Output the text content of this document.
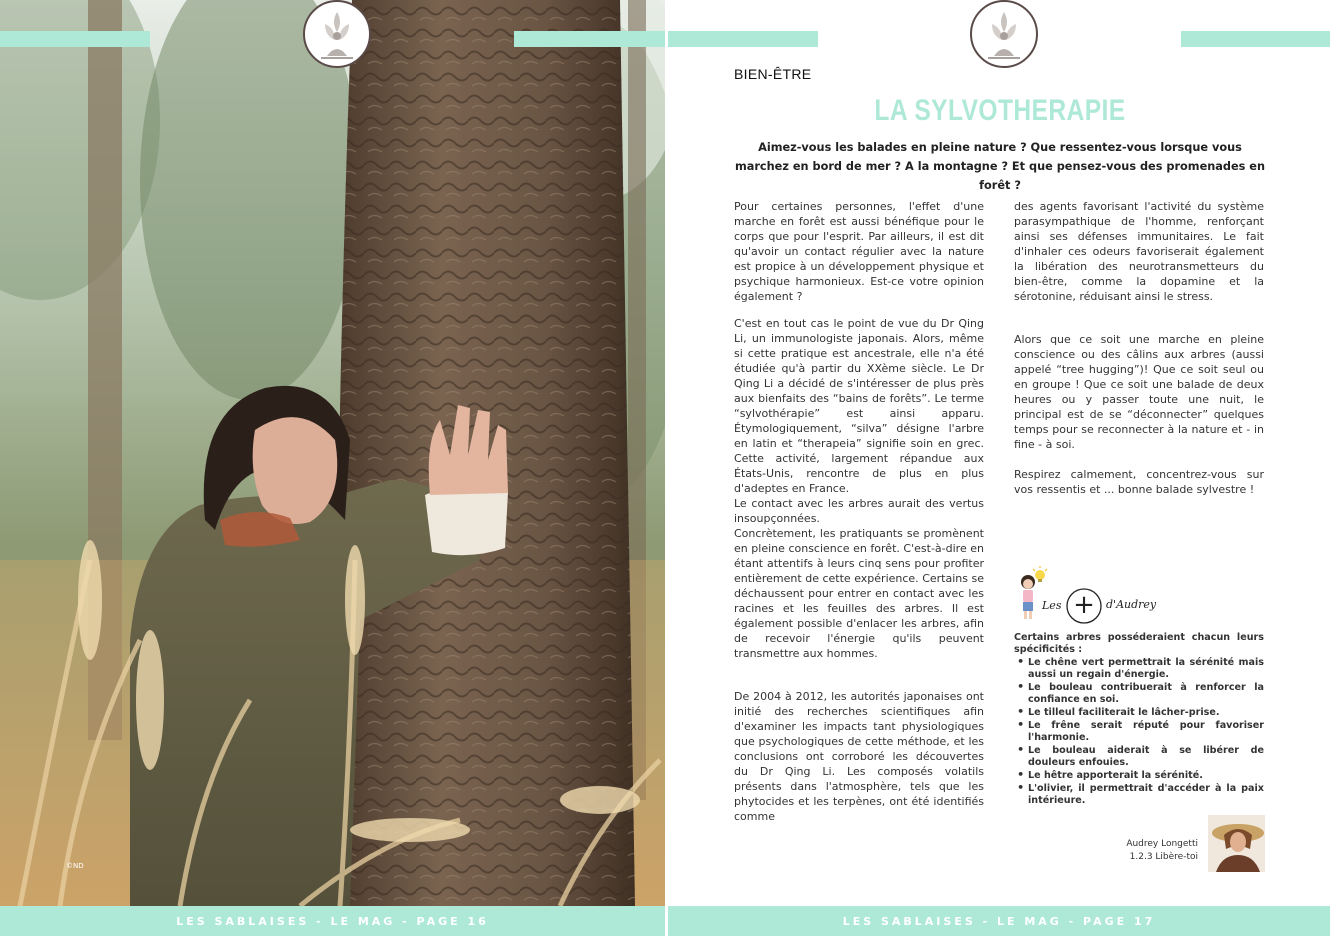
©ND
LES SABLAISES - LE MAG - PAGE 16
BIEN-ÊTRE
LA SYLVOTHERAPIE
Aimez-vous les balades en pleine nature ? Que ressentez-vous lorsque vous marchez en bord de mer ? A la montagne ? Et que pensez-vous des promenades en forêt ?

Pour certaines personnes, l'effet d'une marche en forêt est aussi bénéfique pour le corps que pour l'esprit. Par ailleurs, il est dit qu'avoir un contact régulier avec la nature est propice à un développement physique et psychique harmonieux. Est-ce votre opinion également ?

C'est en tout cas le point de vue du Dr Qing Li, un immunologiste japonais. Alors, même si cette pratique est ancestrale, elle n'a été étudiée qu'à partir du XXème siècle. Le Dr Qing Li a décidé de s'intéresser de plus près aux bienfaits des “bains de forêts”. Le terme “sylvothérapie” est ainsi apparu. Étymologiquement, “silva” désigne l'arbre en latin et “therapeia” signifie soin en grec. Cette activité, largement répandue aux États-Unis, rencontre de plus en plus d'adeptes en France.

Le contact avec les arbres aurait des vertus insoupçonnées.

Concrètement, les pratiquants se promènent en pleine conscience en forêt. C'est-à-dire en étant attentifs à leurs cinq sens pour profiter entièrement de cette expérience. Certains se déchaussent pour entrer en contact avec les racines et les feuilles des arbres. Il est également possible d'enlacer les arbres, afin de recevoir l'énergie qu'ils peuvent transmettre aux hommes.

De 2004 à 2012, les autorités japonaises ont initié des recherches scientifiques afin d'examiner les impacts tant physiologiques que psychologiques de cette méthode, et les conclusions ont corroboré les découvertes du Dr Qing Li. Les composés volatils présents dans l'atmosphère, tels que les phytocides et les terpènes, ont été identifiés comme

des agents favorisant l'activité du système parasympathique de l'homme, renforçant ainsi ses défenses immunitaires. Le fait d'inhaler ces odeurs favoriserait également la libération des neurotransmetteurs du bien-être, comme la dopamine et la sérotonine, réduisant ainsi le stress.

Alors que ce soit une marche en pleine conscience ou des câlins aux arbres (aussi appelé “tree hugging”)! Que ce soit seul ou en groupe ! Que ce soit une balade de deux heures ou y passer toute une nuit, le principal est de se “déconnecter” quelques temps pour se reconnecter à la nature et - in fine - à soi.

Respirez calmement, concentrez-vous sur vos ressentis et ... bonne balade sylvestre !

Les + d'Audrey
Certains arbres posséderaient chacun leurs spécificités :
• Le chêne vert permettrait la sérénité mais aussi un regain d'énergie.
• Le bouleau contribuerait à renforcer la confiance en soi.
• Le tilleul faciliterait le lâcher-prise.
• Le frêne serait réputé pour favoriser l'harmonie.
• Le bouleau aiderait à se libérer de douleurs enfouies.
• Le hêtre apporterait la sérénité.
• L'olivier, il permettrait d'accéder à la paix intérieure.
Audrey Longetti
1.2.3 Libère-toi
LES SABLAISES - LE MAG - PAGE 17
